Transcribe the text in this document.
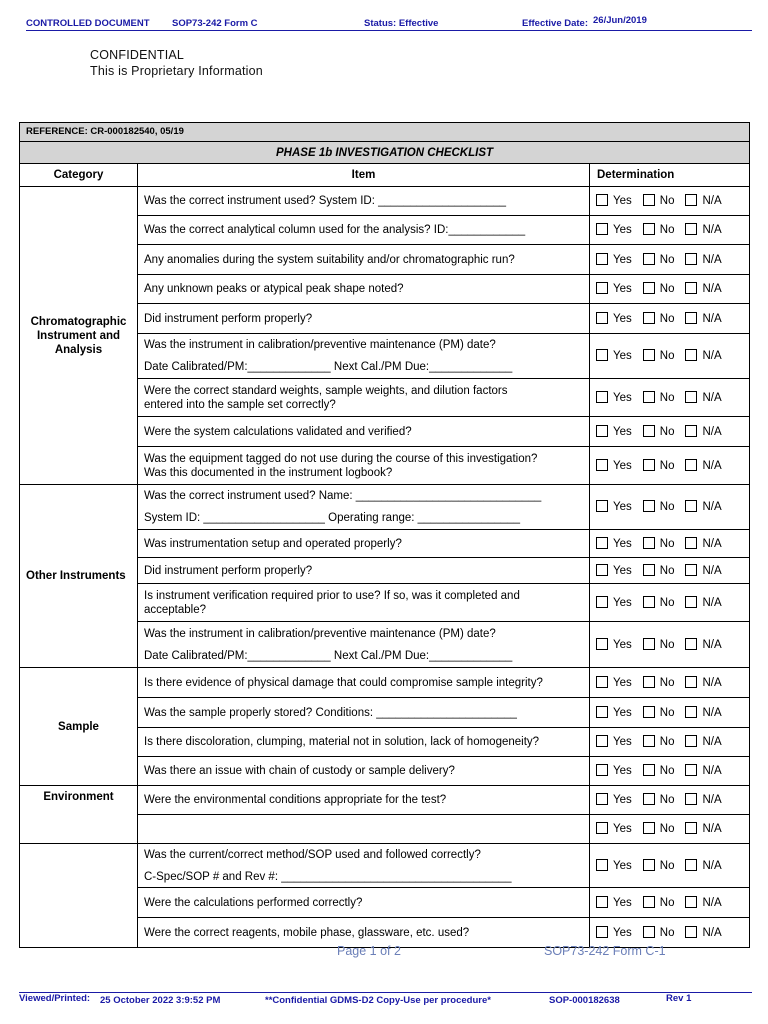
CONTROLLED DOCUMENT SOP73-242 Form C	Status: Effective	Effective Date: 26/Jun/2019
CONFIDENTIAL
This is Proprietary Information
REFERENCE: CR-000182540, 05/19		
PHASE 1b INVESTIGATION CHECKLIST		
Category	Item	Determination
Chromatographic Instrument and Analysis	Was the correct instrument used? System ID: ____________________	Yes No N/A
	Was the correct analytical column used for the analysis? ID:____________	Yes No N/A
	Any anomalies during the system suitability and/or chromatographic run?	Yes No N/A
	Any unknown peaks or atypical peak shape noted?	Yes No N/A
	Did instrument perform properly?	Yes No N/A
	Was the instrument in calibration/preventive maintenance (PM) date?
Date Calibrated/PM:_____________ Next Cal./PM Due:_____________	Yes No N/A
	Were the correct standard weights, sample weights, and dilution factors
entered into the sample set correctly?	Yes No N/A
	Were the system calculations validated and verified?	Yes No N/A
	Was the equipment tagged do not use during the course of this investigation?
Was this documented in the instrument logbook?	Yes No N/A
Other Instruments	Was the correct instrument used? Name: _____________________________
System ID: ___________________ Operating range: ________________	Yes No N/A
	Was instrumentation setup and operated properly?	Yes No N/A
	Did instrument perform properly?	Yes No N/A
	Is instrument verification required prior to use? If so, was it completed and
acceptable?	Yes No N/A
	Was the instrument in calibration/preventive maintenance (PM) date?
Date Calibrated/PM:_____________ Next Cal./PM Due:_____________	Yes No N/A
Sample	Is there evidence of physical damage that could compromise sample integrity?	Yes No N/A
	Was the sample properly stored? Conditions: ______________________	Yes No N/A
	Is there discoloration, clumping, material not in solution, lack of homogeneity?	Yes No N/A
	Was there an issue with chain of custody or sample delivery?	Yes No N/A
Environment	Were the environmental conditions appropriate for the test?	Yes No N/A
		Yes No N/A
	Was the current/correct method/SOP used and followed correctly?
C-Spec/SOP # and Rev #: ____________________________________	Yes No N/A
	Were the calculations performed correctly?	Yes No N/A
	Were the correct reagents, mobile phase, glassware, etc. used?	Yes No N/A
Page 1 of 2	SOP73-242 Form C-1
Viewed/Printed: 25 October 2022 3:9:52 PM	**Confidential GDMS-D2 Copy-Use per procedure*	SOP-000182638	Rev 1
